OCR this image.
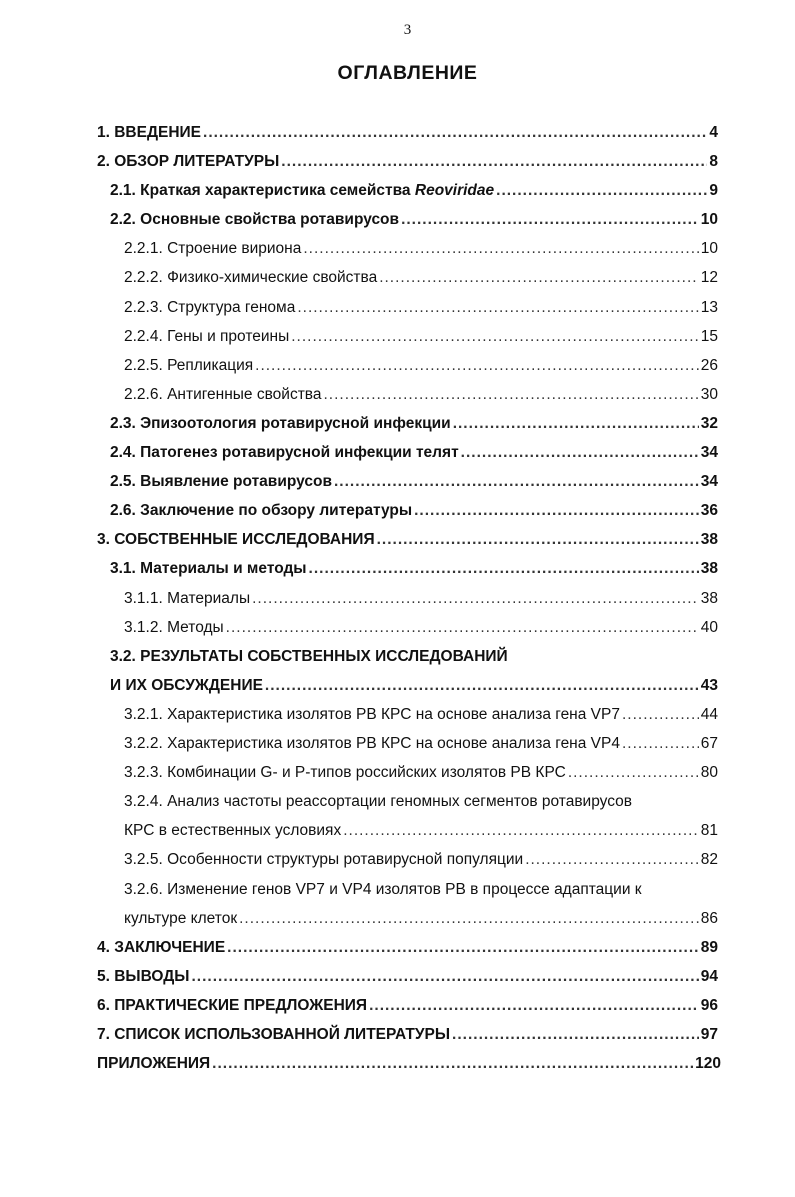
3
ОГЛАВЛЕНИЕ
1. ВВЕДЕНИЕ .....	4
2. ОБЗОР ЛИТЕРАТУРЫ .....	8
2.1. Краткая характеристика семейства Reoviridae .....	9
2.2. Основные свойства ротавирусов .....	10
2.2.1. Строение вириона .....	10
2.2.2. Физико-химические свойства .....	12
2.2.3. Структура генома .....	13
2.2.4. Гены и протеины .....	15
2.2.5. Репликация .....	26
2.2.6. Антигенные свойства .....	30
2.3. Эпизоотология ротавирусной инфекции .....	32
2.4. Патогенез ротавирусной инфекции телят .....	34
2.5. Выявление ротавирусов .....	34
2.6. Заключение по обзору литературы .....	36
3. СОБСТВЕННЫЕ ИССЛЕДОВАНИЯ .....	38
3.1. Материалы и методы .....	38
3.1.1. Материалы .....	38
3.1.2. Методы .....	40
3.2. РЕЗУЛЬТАТЫ СОБСТВЕННЫХ ИССЛЕДОВАНИЙ
И ИХ ОБСУЖДЕНИЕ .....	43
3.2.1. Характеристика изолятов РВ КРС на основе анализа гена VP7 .....	44
3.2.2. Характеристика изолятов РВ КРС на основе анализа гена VP4 .....	67
3.2.3. Комбинации G- и P-типов российских изолятов РВ КРС .....	80
3.2.4. Анализ частоты реассортации геномных сегментов ротавирусов
КРС в естественных условиях .....	81
3.2.5. Особенности структуры ротавирусной популяции .....	82
3.2.6. Изменение генов VP7 и VP4 изолятов РВ в процессе адаптации к
культуре клеток .....	86
4. ЗАКЛЮЧЕНИЕ .....	89
5. ВЫВОДЫ .....	94
6. ПРАКТИЧЕСКИЕ ПРЕДЛОЖЕНИЯ .....	96
7. СПИСОК ИСПОЛЬЗОВАННОЙ ЛИТЕРАТУРЫ .....	97
ПРИЛОЖЕНИЯ .....	120
